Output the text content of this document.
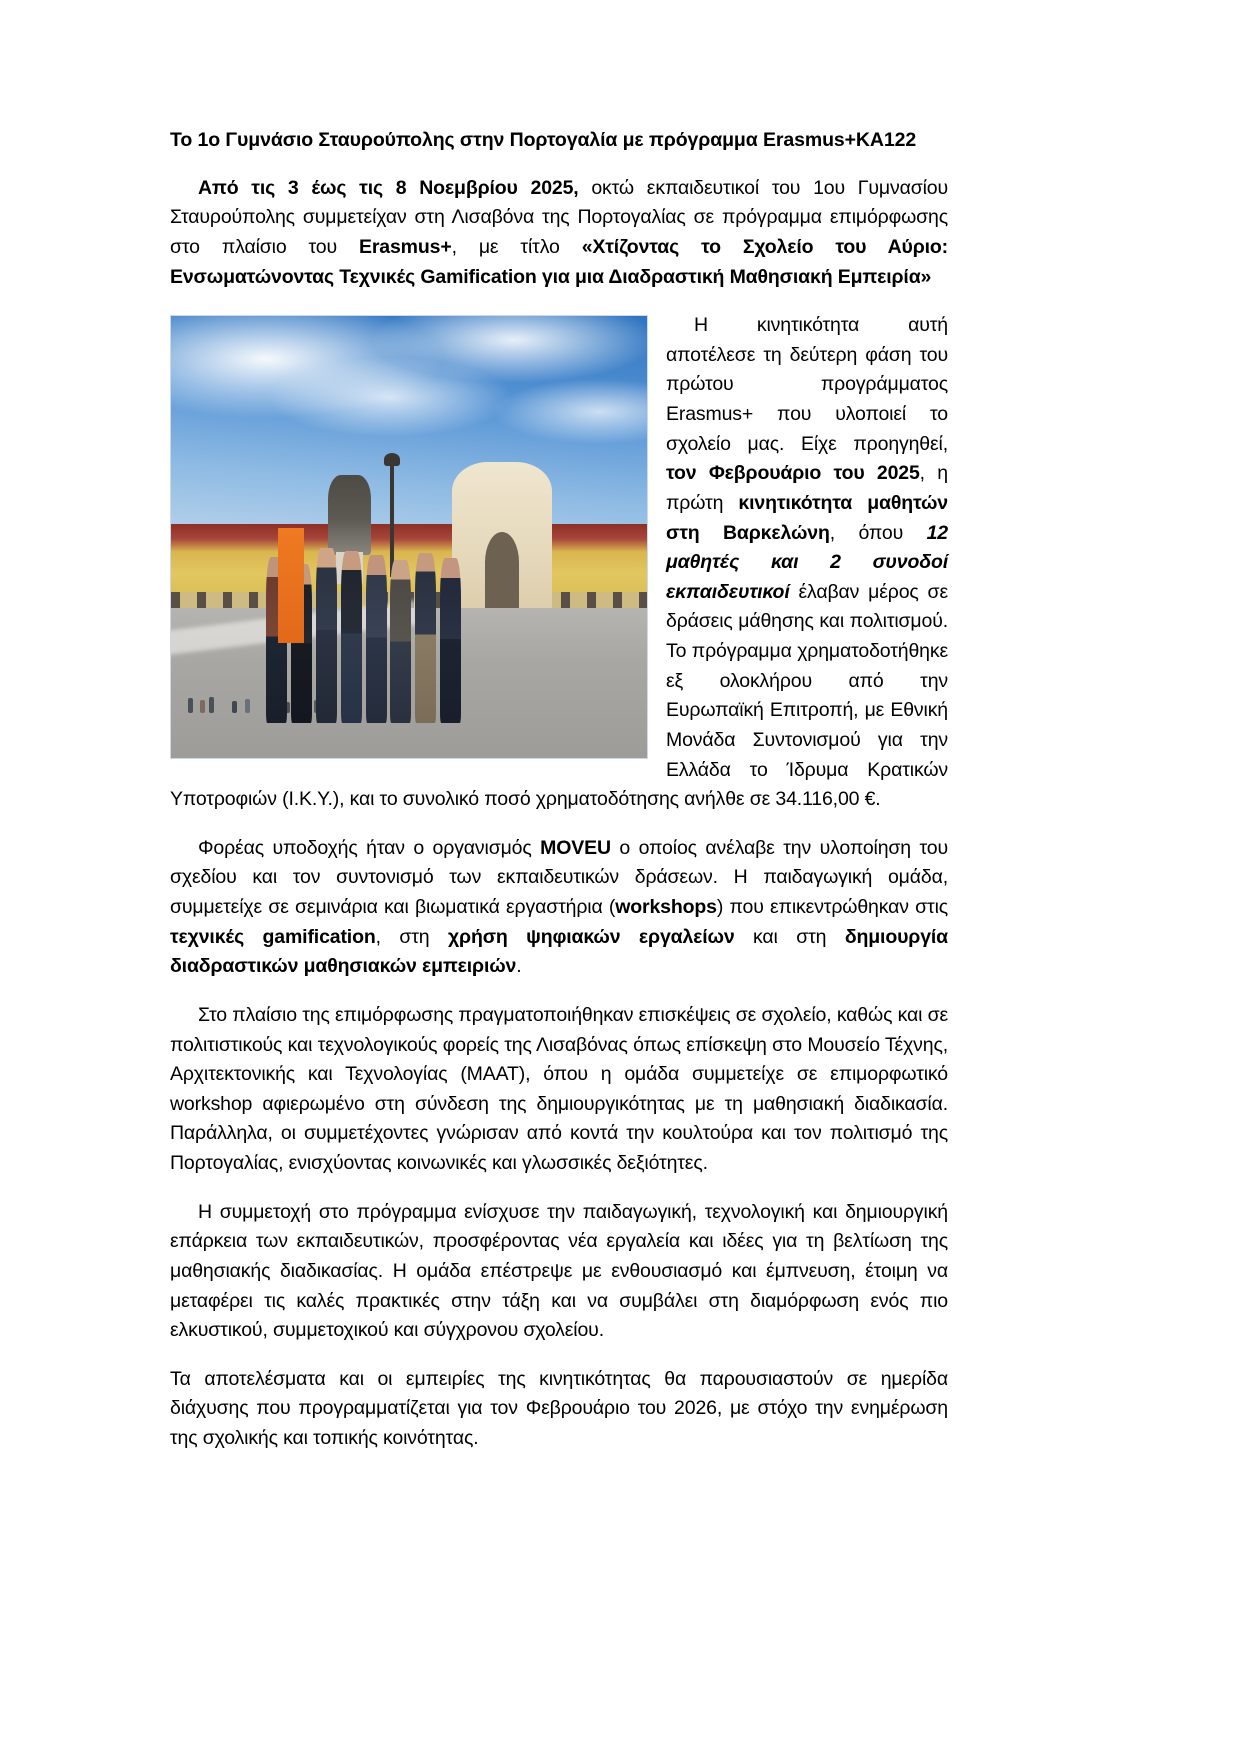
Το 1ο Γυμνάσιο Σταυρούπολης στην Πορτογαλία με πρόγραμμα Erasmus+KA122

Από τις 3 έως τις 8 Νοεμβρίου 2025, οκτώ εκπαιδευτικοί του 1ου Γυμνασίου Σταυρούπολης συμμετείχαν στη Λισαβόνα της Πορτογαλίας σε πρόγραμμα επιμόρφωσης στο πλαίσιο του Erasmus+, με τίτλο «Χτίζοντας το Σχολείο του Αύριο: Ενσωματώνοντας Τεχνικές Gamification για μια Διαδραστική Μαθησιακή Εμπειρία»

Η κινητικότητα αυτή αποτέλεσε τη δεύτερη φάση του πρώτου προγράμματος Erasmus+ που υλοποιεί το σχολείο μας. Είχε προηγηθεί, τον Φεβρουάριο του 2025, η πρώτη κινητικότητα μαθητών στη Βαρκελώνη, όπου 12 μαθητές και 2 συνοδοί εκπαιδευτικοί έλαβαν μέρος σε δράσεις μάθησης και πολιτισμού. Το πρόγραμμα χρηματοδοτήθηκε εξ ολοκλήρου από την Ευρωπαϊκή Επιτροπή, με Εθνική Μονάδα Συντονισμού για την Ελλάδα το Ίδρυμα Κρατικών Υποτροφιών (Ι.Κ.Υ.), και το συνολικό ποσό χρηματοδότησης ανήλθε σε 34.116,00 €.

Φορέας υποδοχής ήταν ο οργανισμός MOVEU ο οποίος ανέλαβε την υλοποίηση του σχεδίου και τον συντονισμό των εκπαιδευτικών δράσεων. Η παιδαγωγική ομάδα, συμμετείχε σε σεμινάρια και βιωματικά εργαστήρια (workshops) που επικεντρώθηκαν στις τεχνικές gamification, στη χρήση ψηφιακών εργαλείων και στη δημιουργία διαδραστικών μαθησιακών εμπειριών.

Στο πλαίσιο της επιμόρφωσης πραγματοποιήθηκαν επισκέψεις σε σχολείο, καθώς και σε πολιτιστικούς και τεχνολογικούς φορείς της Λισαβόνας όπως επίσκεψη στο Μουσείο Τέχνης, Αρχιτεκτονικής και Τεχνολογίας (MAAT), όπου η ομάδα συμμετείχε σε επιμορφωτικό workshop αφιερωμένο στη σύνδεση της δημιουργικότητας με τη μαθησιακή διαδικασία. Παράλληλα, οι συμμετέχοντες γνώρισαν από κοντά την κουλτούρα και τον πολιτισμό της Πορτογαλίας, ενισχύοντας κοινωνικές και γλωσσικές δεξιότητες.

Η συμμετοχή στο πρόγραμμα ενίσχυσε την παιδαγωγική, τεχνολογική και δημιουργική επάρκεια των εκπαιδευτικών, προσφέροντας νέα εργαλεία και ιδέες για τη βελτίωση της μαθησιακής διαδικασίας. Η ομάδα επέστρεψε με ενθουσιασμό και έμπνευση, έτοιμη να μεταφέρει τις καλές πρακτικές στην τάξη και να συμβάλει στη διαμόρφωση ενός πιο ελκυστικού, συμμετοχικού και σύγχρονου σχολείου.

Τα αποτελέσματα και οι εμπειρίες της κινητικότητας θα παρουσιαστούν σε ημερίδα διάχυσης που προγραμματίζεται για τον Φεβρουάριο του 2026, με στόχο την ενημέρωση της σχολικής και τοπικής κοινότητας.
